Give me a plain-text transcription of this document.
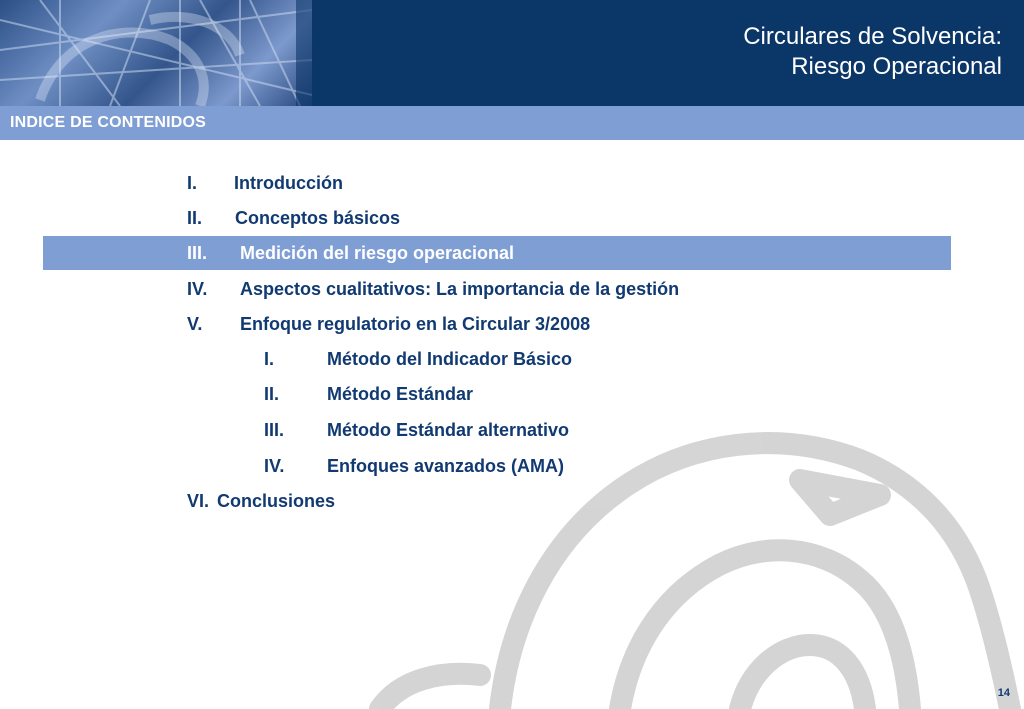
Circulares de Solvencia:
Riesgo Operacional
INDICE DE CONTENIDOS
I. Introducción
II. Conceptos básicos
III. Medición del riesgo operacional
IV. Aspectos cualitativos: La importancia de la gestión
V. Enfoque regulatorio en la Circular 3/2008
I.	Método del Indicador Básico
II.	Método Estándar
III. Método Estándar alternativo
IV. Enfoques avanzados (AMA)
VI. Conclusiones
14
